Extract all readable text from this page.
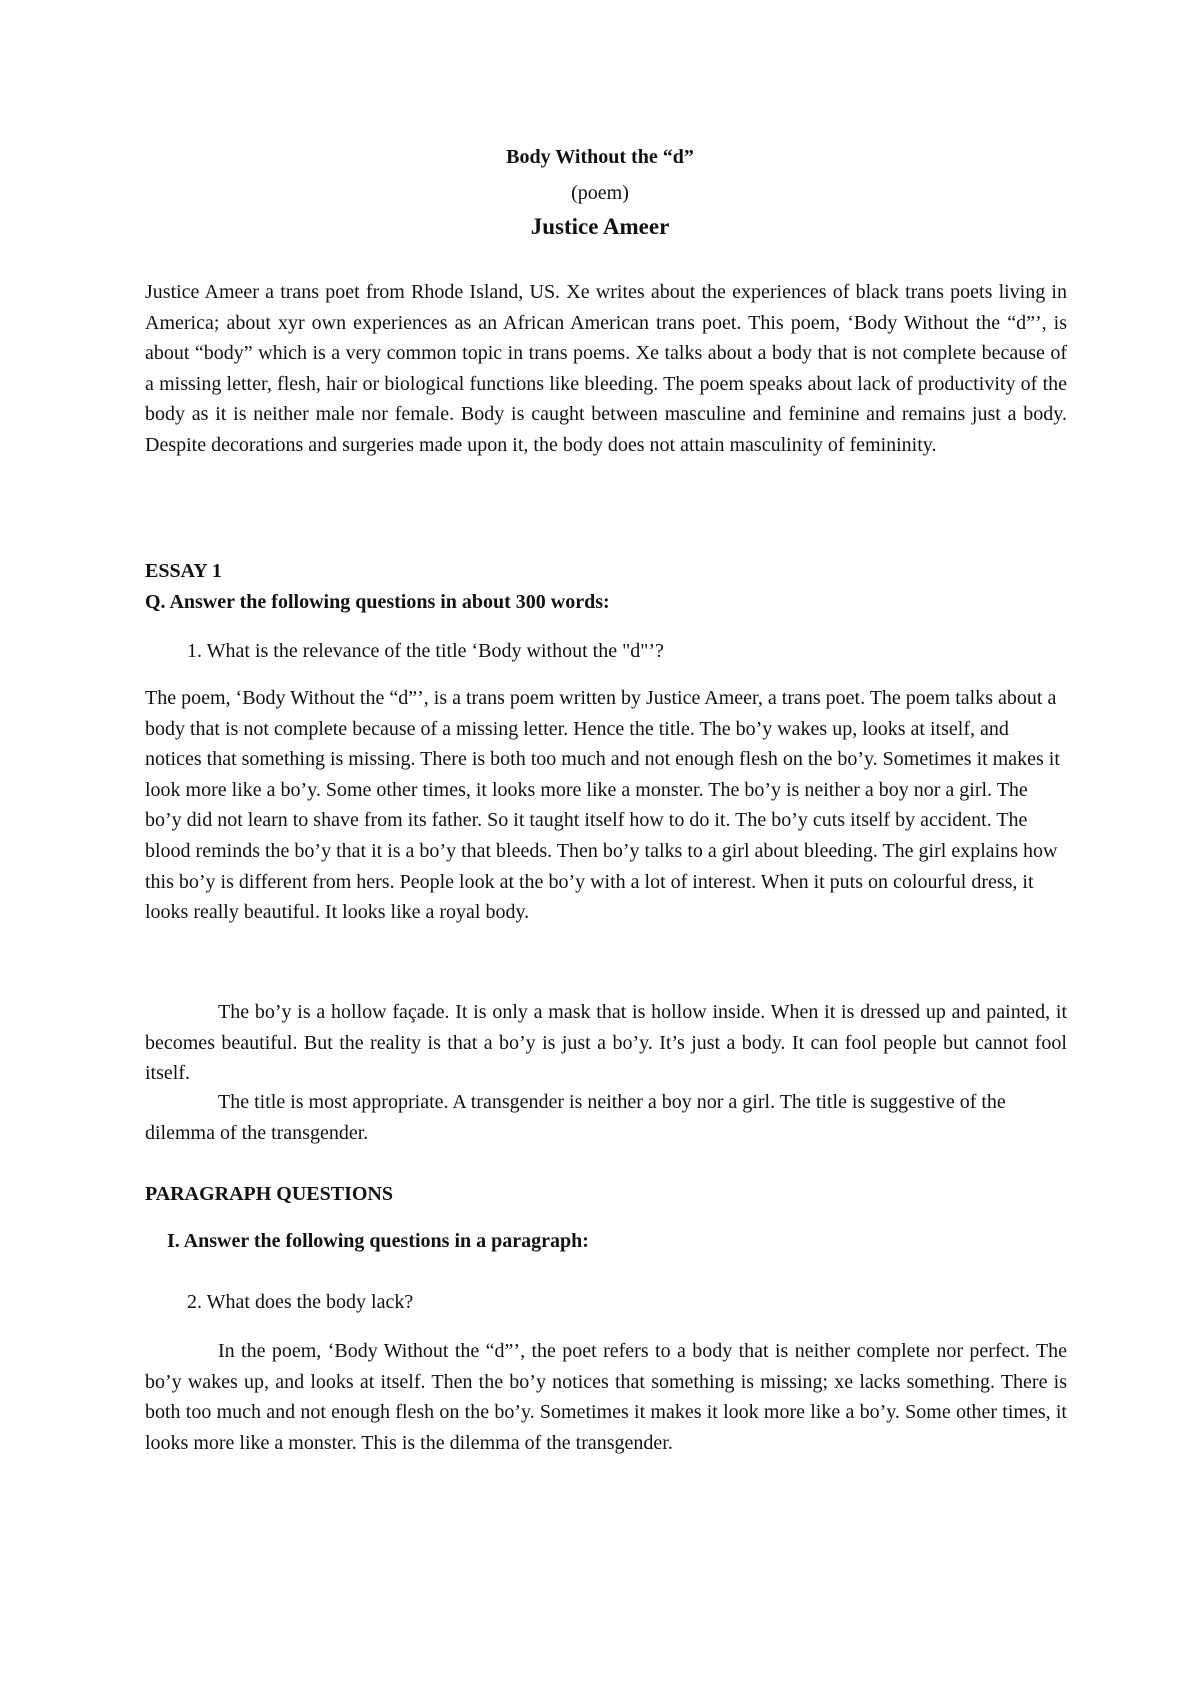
Body Without the “d”
(poem)
Justice Ameer

Justice Ameer a trans poet from Rhode Island, US. Xe writes about the experiences of black trans poets living in America; about xyr own experiences as an African American trans poet. This poem, ‘Body Without the “d”’, is about “body” which is a very common topic in trans poems. Xe talks about a body that is not complete because of a missing letter, flesh, hair or biological functions like bleeding. The poem speaks about lack of productivity of the body as it is neither male nor female. Body is caught between masculine and feminine and remains just a body. Despite decorations and surgeries made upon it, the body does not attain masculinity of femininity.

ESSAY 1

Q. Answer the following questions in about 300 words:

1. What is the relevance of the title ‘Body without the "d"’?

The poem, ‘Body Without the “d”’, is a trans poem written by Justice Ameer, a trans poet. The poem talks about a body that is not complete because of a missing letter. Hence the title. The bo’y wakes up, looks at itself, and notices that something is missing. There is both too much and not enough flesh on the bo’y. Sometimes it makes it look more like a bo’y. Some other times, it looks more like a monster. The bo’y is neither a boy nor a girl. The bo’y did not learn to shave from its father. So it taught itself how to do it. The bo’y cuts itself by accident. The blood reminds the bo’y that it is a bo’y that bleeds. Then bo’y talks to a girl about bleeding. The girl explains how this bo’y is different from hers. People look at the bo’y with a lot of interest. When it puts on colourful dress, it looks really beautiful. It looks like a royal body.

The bo’y is a hollow façade. It is only a mask that is hollow inside. When it is dressed up and painted, it becomes beautiful. But the reality is that a bo’y is just a bo’y. It’s just a body. It can fool people but cannot fool itself.

The title is most appropriate. A transgender is neither a boy nor a girl. The title is suggestive of the dilemma of the transgender.

PARAGRAPH QUESTIONS

I. Answer the following questions in a paragraph:

2. What does the body lack?

In the poem, ‘Body Without the “d”’, the poet refers to a body that is neither complete nor perfect. The bo’y wakes up, and looks at itself. Then the bo’y notices that something is missing; xe lacks something. There is both too much and not enough flesh on the bo’y. Sometimes it makes it look more like a bo’y. Some other times, it looks more like a monster. This is the dilemma of the transgender.
